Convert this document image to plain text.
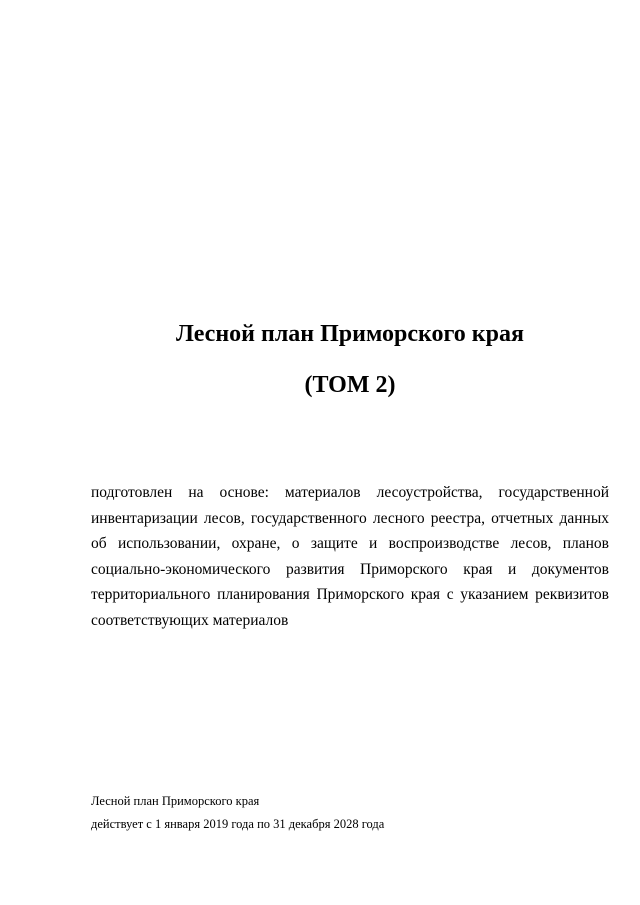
Лесной план Приморского края
(ТОМ 2)

подготовлен на основе: материалов лесоустройства, государственной инвентаризации лесов, государственного лесного реестра, отчетных данных об использовании, охране, о защите и воспроизводстве лесов, планов социально-экономического развития Приморского края и документов территориального планирования Приморского края с указанием реквизитов соответствующих материалов

Лесной план Приморского края
действует с 1 января 2019 года по 31 декабря 2028 года
